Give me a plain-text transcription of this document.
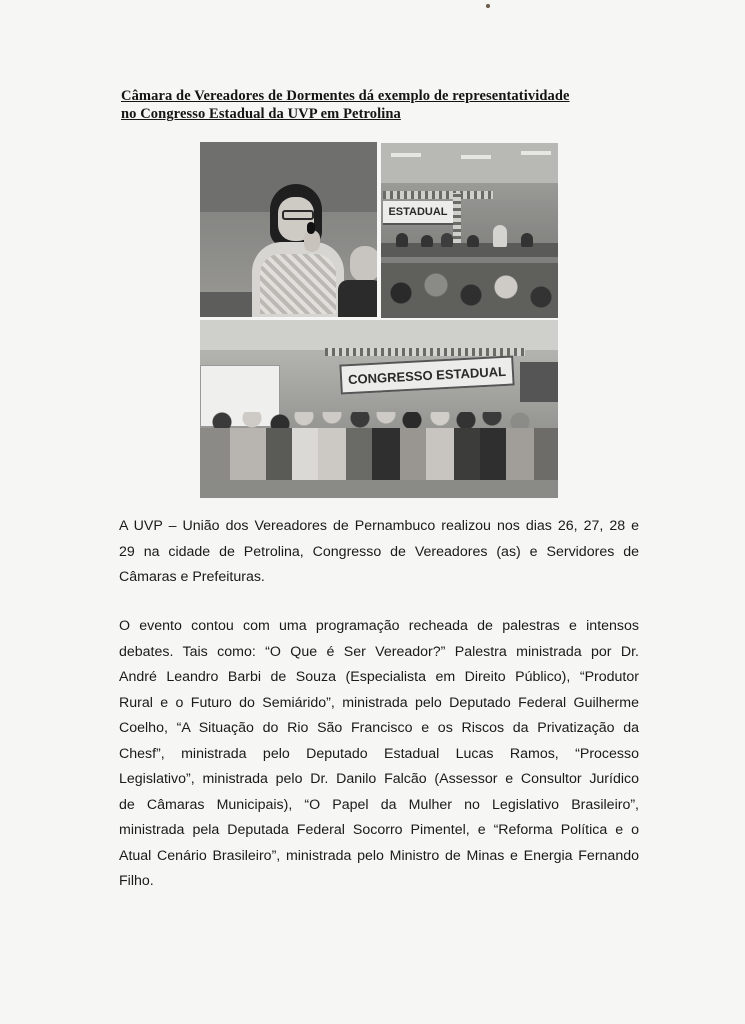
Câmara de Vereadores de Dormentes dá exemplo de representatividade
no Congresso Estadual da UVP em Petrolina
ESTADUAL
CONGRESSO ESTADUAL
A UVP – União dos Vereadores de Pernambuco realizou nos dias 26, 27, 28 e
29 na cidade de Petrolina, Congresso de Vereadores (as) e Servidores de
Câmaras e Prefeituras.
O evento contou com uma programação recheada de palestras e intensos
debates. Tais como: “O Que é Ser Vereador?” Palestra ministrada por Dr.
André Leandro Barbi de Souza (Especialista em Direito Público), “Produtor
Rural e o Futuro do Semiárido”, ministrada pelo Deputado Federal Guilherme
Coelho, “A Situação do Rio São Francisco e os Riscos da Privatização da
Chesf”, ministrada pelo Deputado Estadual Lucas Ramos, “Processo
Legislativo”, ministrada pelo Dr. Danilo Falcão (Assessor e Consultor Jurídico
de Câmaras Municipais), “O Papel da Mulher no Legislativo Brasileiro”,
ministrada pela Deputada Federal Socorro Pimentel, e “Reforma Política e o
Atual Cenário Brasileiro”, ministrada pelo Ministro de Minas e Energia Fernando
Filho.
